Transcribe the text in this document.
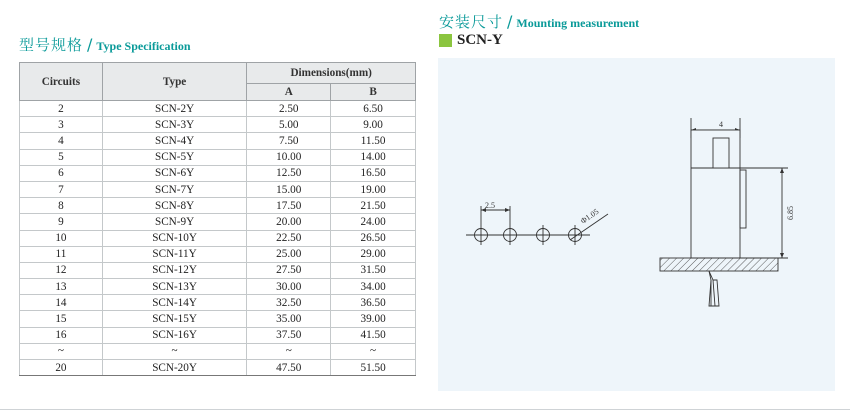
型号规格 / Type Specification
安装尺寸 / Mounting measurement
SCN-Y
Circuits	Type	Dimensions(mm)	
		A	B
2	SCN-2Y	2.50	6.50
3	SCN-3Y	5.00	9.00
4	SCN-4Y	7.50	11.50
5	SCN-5Y	10.00	14.00
6	SCN-6Y	12.50	16.50
7	SCN-7Y	15.00	19.00
8	SCN-8Y	17.50	21.50
9	SCN-9Y	20.00	24.00
10	SCN-10Y	22.50	26.50
11	SCN-11Y	25.00	29.00
12	SCN-12Y	27.50	31.50
13	SCN-13Y	30.00	34.00
14	SCN-14Y	32.50	36.50
15	SCN-15Y	35.00	39.00
16	SCN-16Y	37.50	41.50
~	~	~	~
20	SCN-20Y	47.50	51.50
2.5
Φ1.05
4
6.85
